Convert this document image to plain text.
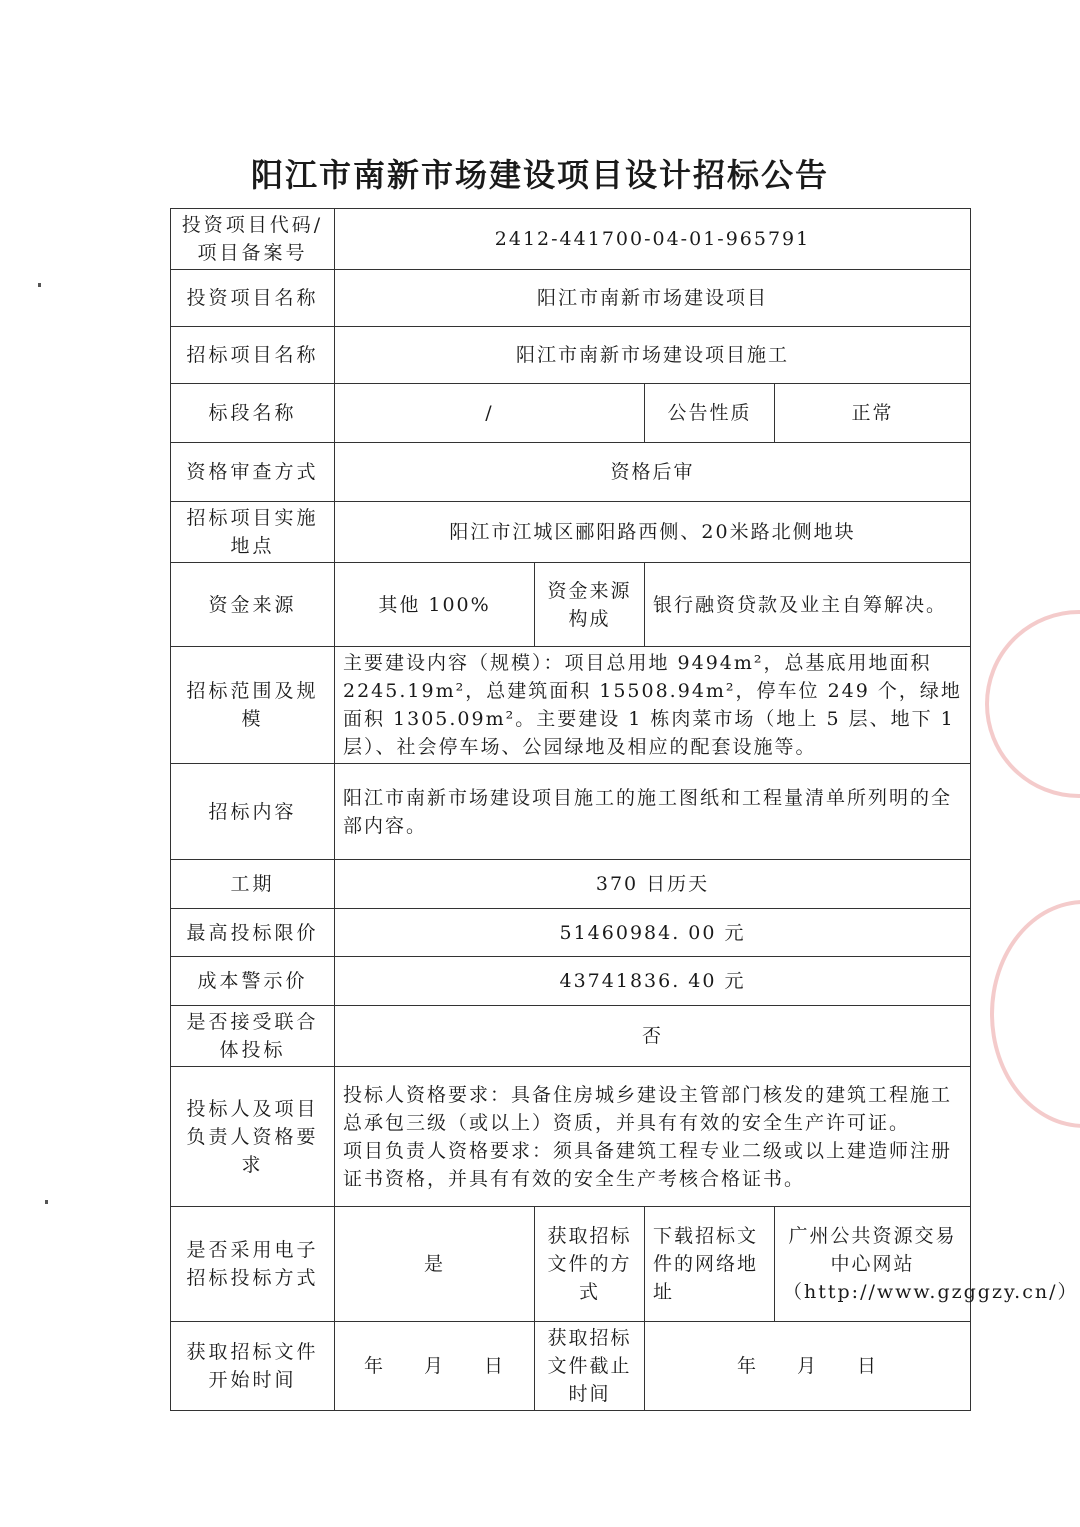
阳江市南新市场建设项目设计招标公告
投资项目代码/项目备案号	2412-441700-04-01-965791			
投资项目名称	阳江市南新市场建设项目			
招标项目名称	阳江市南新市场建设项目施工			
标段名称	/		公告性质	正常
资格审查方式	资格后审			
招标项目实施地点	阳江市江城区郦阳路西侧、20米路北侧地块			
资金来源	其他 100%	资金来源构成	银行融资贷款及业主自筹解决。	
招标范围及规模	主要建设内容（规模）：项目总用地 9494m²，总基底用地面积 2245.19m²，总建筑面积 15508.94m²，停车位 249 个，绿地面积 1305.09m²。主要建设 1 栋肉菜市场（地上 5 层、地下 1 层）、社会停车场、公园绿地及相应的配套设施等。			
招标内容	阳江市南新市场建设项目施工的施工图纸和工程量清单所列明的全部内容。			
工期	370 日历天			
最高投标限价	51460984. 00 元			
成本警示价	43741836. 40 元			
是否接受联合体投标	否			
投标人及项目负责人资格要求	投标人资格要求：具备住房城乡建设主管部门核发的建筑工程施工总承包三级（或以上）资质，并具有有效的安全生产许可证。
项目负责人资格要求：须具备建筑工程专业二级或以上建造师注册证书资格，并具有有效的安全生产考核合格证书。			

是否采用电子招标投标方式	是	获取招标文件的方式	下载招标文件的网络地址	广州公共资源交易中心网站（http://www.gzggzy.cn/）
获取招标文件开始时间	年 月 日	获取招标文件截止时间	年 月 日	
